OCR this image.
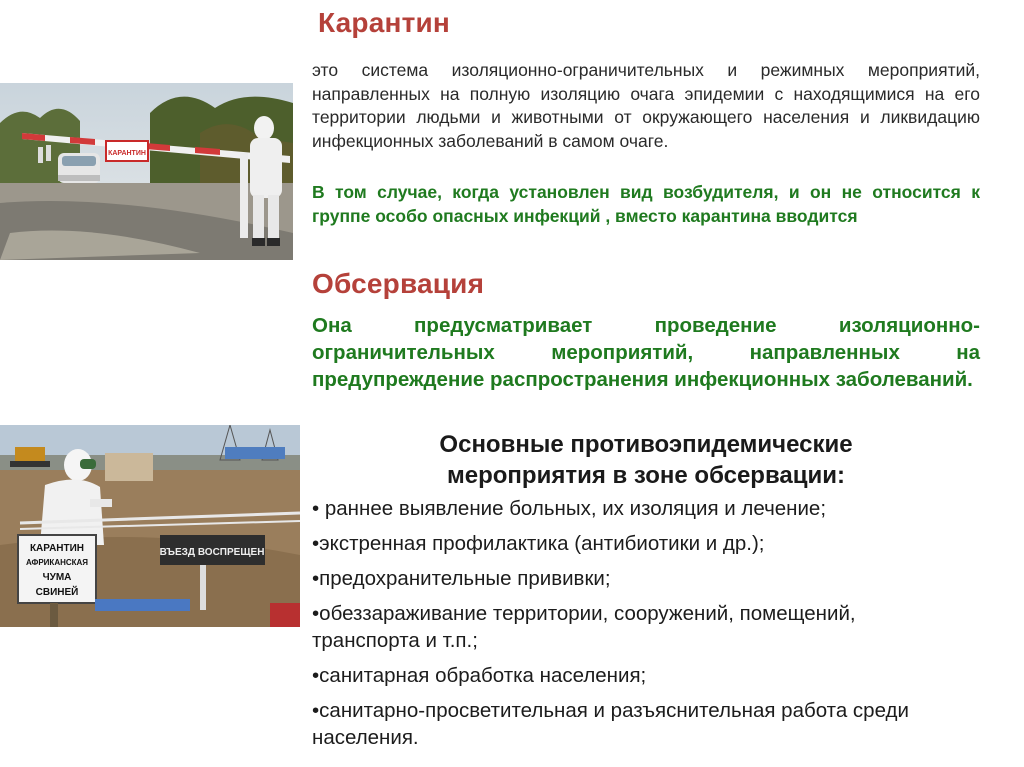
КАРАНТИН
КАРАНТИН
АФРИКАНСКАЯ
ЧУМА
СВИНЕЙ
ВЪЕЗД ВОСПРЕЩЕН
Карантин

это система изоляционно-ограничительных и режимных мероприятий, направленных на полную изоляцию очага эпидемии с находящимися на его территории людьми и животными от окружающего населения и ликвидацию инфекционных заболеваний в самом очаге.

В том случае, когда установлен вид возбудителя, и он не относится к группе особо опасных инфекций , вместо карантина вводится

Обсервация

Она предусматривает проведение изоляционно-ограничительных мероприятий, направленных на предупреждение распространения инфекционных заболеваний.

Основные противоэпидемические
мероприятия в зоне обсервации:
• раннее выявление больных, их изоляция и лечение;
•экстренная профилактика (антибиотики и др.);
•предохранительные прививки;
•обеззараживание территории, сооружений, помещений, транспорта и т.п.;
•санитарная обработка населения;
•санитарно-просветительная и разъяснительная работа среди населения.
